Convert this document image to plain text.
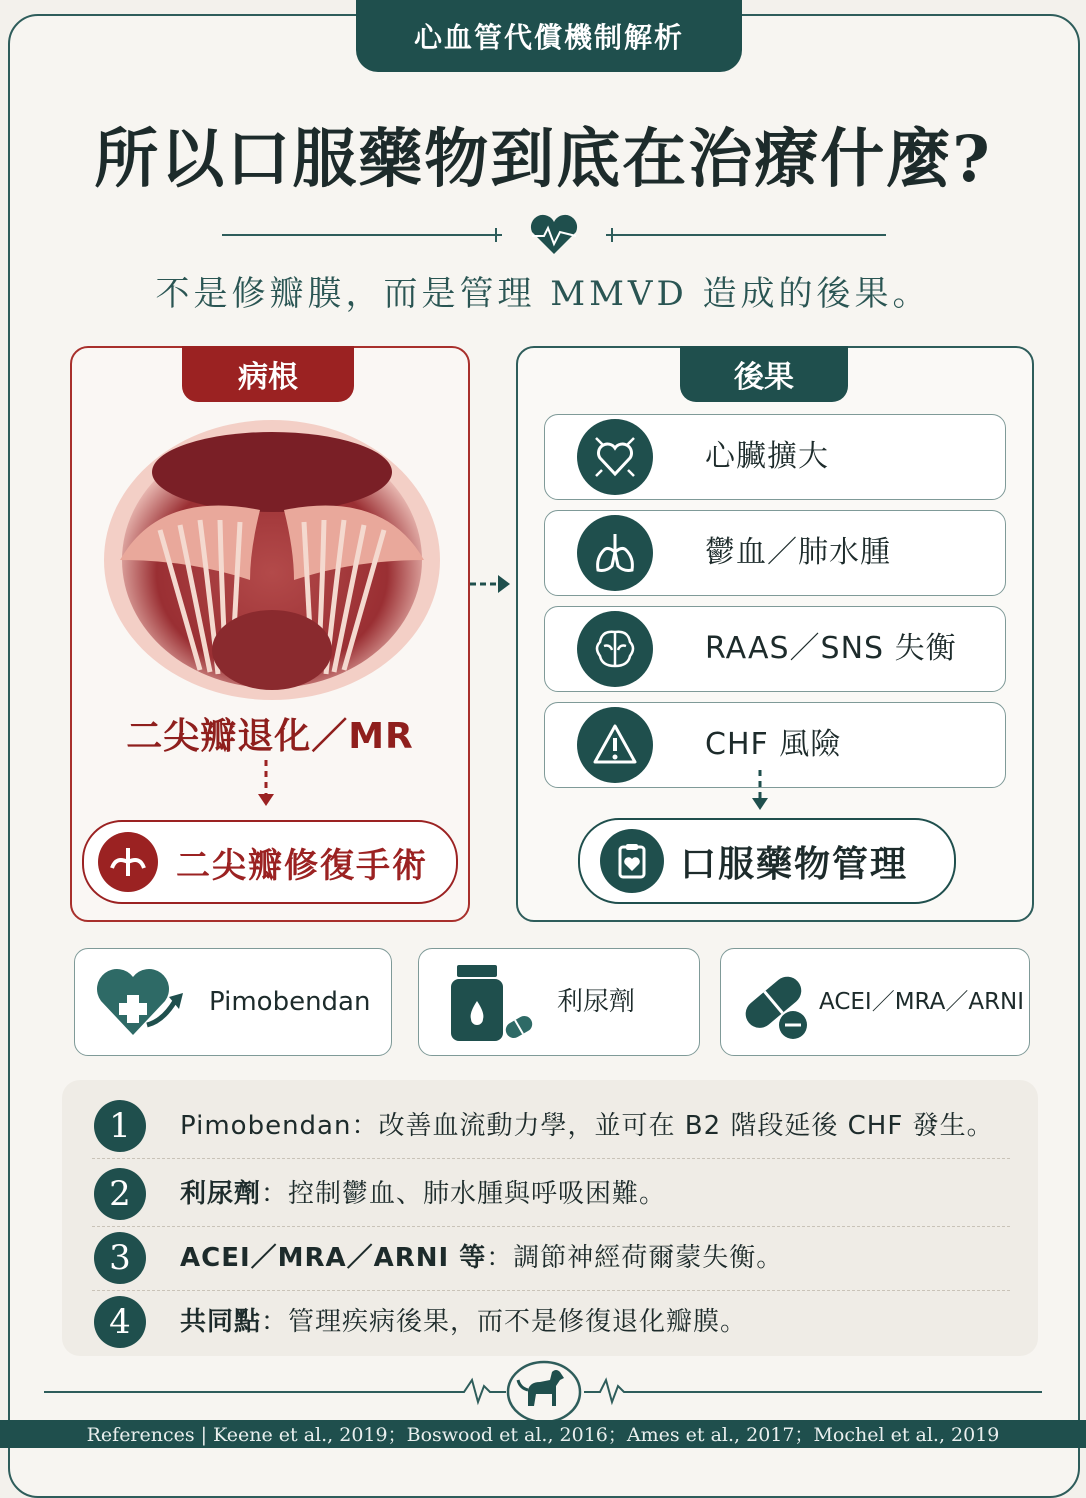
心血管代償機制解析
所以口服藥物到底在治療什麼?
不是修瓣膜，而是管理 MMVD 造成的後果。
病根
二尖瓣退化／MR
二尖瓣修復手術
後果
心臟擴大
鬱血／肺水腫
RAAS／SNS 失衡
CHF 風險
口服藥物管理
Pimobendan	利尿劑	ACEI／MRA／ARNI
1	Pimobendan：改善血流動力學，並可在 B2 階段延後 CHF 發生。
2	利尿劑：控制鬱血、肺水腫與呼吸困難。
3	ACEI／MRA／ARNI 等：調節神經荷爾蒙失衡。
4	共同點：管理疾病後果，而不是修復退化瓣膜。
References | Keene et al., 2019；Boswood et al., 2016；Ames et al., 2017；Mochel et al., 2019
